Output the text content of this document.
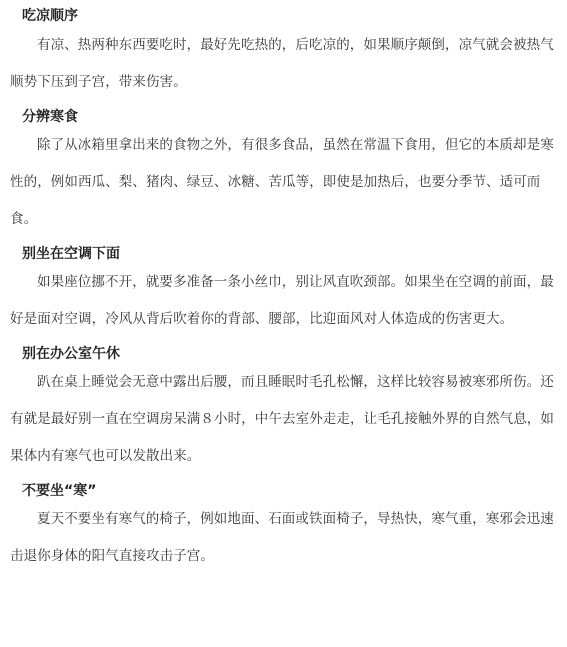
吃凉顺序

有凉、热两种东西要吃时，最好先吃热的，后吃凉的，如果顺序颠倒，凉气就会被热气顺势下压到子宫，带来伤害。

分辨寒食

除了从冰箱里拿出来的食物之外，有很多食品，虽然在常温下食用，但它的本质却是寒性的，例如西瓜、梨、猪肉、绿豆、冰糖、苦瓜等，即使是加热后，也要分季节、适可而食。

别坐在空调下面

如果座位挪不开，就要多准备一条小丝巾，别让风直吹颈部。如果坐在空调的前面，最好是面对空调，冷风从背后吹着你的背部、腰部，比迎面风对人体造成的伤害更大。

别在办公室午休

趴在桌上睡觉会无意中露出后腰，而且睡眠时毛孔松懈，这样比较容易被寒邪所伤。还有就是最好别一直在空调房呆满８小时，中午去室外走走，让毛孔接触外界的自然气息，如果体内有寒气也可以发散出来。

不要坐“寒”

夏天不要坐有寒气的椅子，例如地面、石面或铁面椅子，导热快，寒气重，寒邪会迅速击退你身体的阳气直接攻击子宫。
